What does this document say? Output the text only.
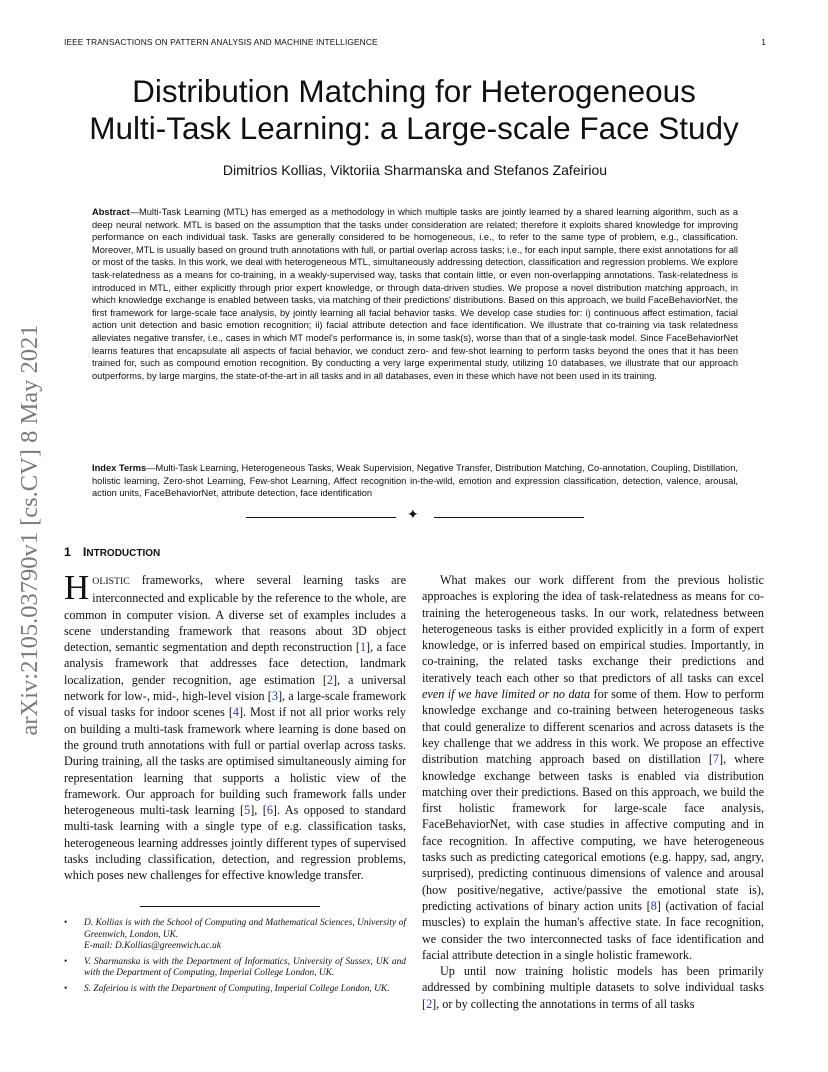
IEEE TRANSACTIONS ON PATTERN ANALYSIS AND MACHINE INTELLIGENCE	1
Distribution Matching for Heterogeneous
Multi-Task Learning: a Large-scale Face Study
Dimitrios Kollias, Viktoriia Sharmanska and Stefanos Zafeiriou

Abstract—Multi-Task Learning (MTL) has emerged as a methodology in which multiple tasks are jointly learned by a shared learning algorithm, such as a deep neural network. MTL is based on the assumption that the tasks under consideration are related; therefore it exploits shared knowledge for improving performance on each individual task. Tasks are generally considered to be homogeneous, i.e., to refer to the same type of problem, e.g., classification. Moreover, MTL is usually based on ground truth annotations with full, or partial overlap across tasks; i.e., for each input sample, there exist annotations for all or most of the tasks. In this work, we deal with heterogeneous MTL, simultaneously addressing detection, classification and regression problems. We explore task-relatedness as a means for co-training, in a weakly-supervised way, tasks that contain little, or even non-overlapping annotations. Task-relatedness is introduced in MTL, either explicitly through prior expert knowledge, or through data-driven studies. We propose a novel distribution matching approach, in which knowledge exchange is enabled between tasks, via matching of their predictions' distributions. Based on this approach, we build FaceBehaviorNet, the first framework for large-scale face analysis, by jointly learning all facial behavior tasks. We develop case studies for: i) continuous affect estimation, facial action unit detection and basic emotion recognition; ii) facial attribute detection and face identification. We illustrate that co-training via task relatedness alleviates negative transfer, i.e., cases in which MT model's performance is, in some task(s), worse than that of a single-task model. Since FaceBehaviorNet learns features that encapsulate all aspects of facial behavior, we conduct zero- and few-shot learning to perform tasks beyond the ones that it has been trained for, such as compound emotion recognition. By conducting a very large experimental study, utilizing 10 databases, we illustrate that our approach outperforms, by large margins, the state-of-the-art in all tasks and in all databases, even in these which have not been used in its training.

Index Terms—Multi-Task Learning, Heterogeneous Tasks, Weak Supervision, Negative Transfer, Distribution Matching, Co-annotation, Coupling, Distillation, holistic learning, Zero-shot Learning, Few-shot Learning, Affect recognition in-the-wild, emotion and expression classification, detection, valence, arousal, action units, FaceBehaviorNet, attribute detection, face identification

✦
1 INTRODUCTION

HOLISTIC frameworks, where several learning tasks are interconnected and explicable by the reference to the whole, are common in computer vision. A diverse set of examples includes a scene understanding framework that reasons about 3D object detection, semantic segmentation and depth reconstruction [1], a face analysis framework that addresses face detection, landmark localization, gender recognition, age estimation [2], a universal network for low-, mid-, high-level vision [3], a large-scale framework of visual tasks for indoor scenes [4]. Most if not all prior works rely on building a multi-task framework where learning is done based on the ground truth annotations with full or partial overlap across tasks. During training, all the tasks are optimised simultaneously aiming for representation learning that supports a holistic view of the framework. Our approach for building such framework falls under heterogeneous multi-task learning [5], [6]. As opposed to standard multi-task learning with a single type of e.g. classification tasks, heterogeneous learning addresses jointly different types of supervised tasks including classification, detection, and regression problems, which poses new challenges for effective knowledge transfer.

• D. Kollias is with the School of Computing and Mathematical Sciences, University of Greenwich, London, UK.
E-mail: D.Kollias@greenwich.ac.uk
• V. Sharmanska is with the Department of Informatics, University of Sussex, UK and with the Department of Computing, Imperial College London, UK.
• S. Zafeiriou is with the Department of Computing, Imperial College London, UK.

What makes our work different from the previous holistic approaches is exploring the idea of task-relatedness as means for co-training the heterogeneous tasks. In our work, relatedness between heterogeneous tasks is either provided explicitly in a form of expert knowledge, or is inferred based on empirical studies. Importantly, in co-training, the related tasks exchange their predictions and iteratively teach each other so that predictors of all tasks can excel even if we have limited or no data for some of them. How to perform knowledge exchange and co-training between heterogeneous tasks that could generalize to different scenarios and across datasets is the key challenge that we address in this work. We propose an effective distribution matching approach based on distillation [7], where knowledge exchange between tasks is enabled via distribution matching over their predictions. Based on this approach, we build the first holistic framework for large-scale face analysis, FaceBehaviorNet, with case studies in affective computing and in face recognition. In affective computing, we have heterogeneous tasks such as predicting categorical emotions (e.g. happy, sad, angry, surprised), predicting continuous dimensions of valence and arousal (how positive/negative, active/passive the emotional state is), predicting activations of binary action units [8] (activation of facial muscles) to explain the human's affective state. In face recognition, we consider the two interconnected tasks of face identification and facial attribute detection in a single holistic framework.

Up until now training holistic models has been primarily addressed by combining multiple datasets to solve individual tasks [2], or by collecting the annotations in terms of all tasks

arXiv:2105.03790v1 [cs.CV] 8 May 2021
